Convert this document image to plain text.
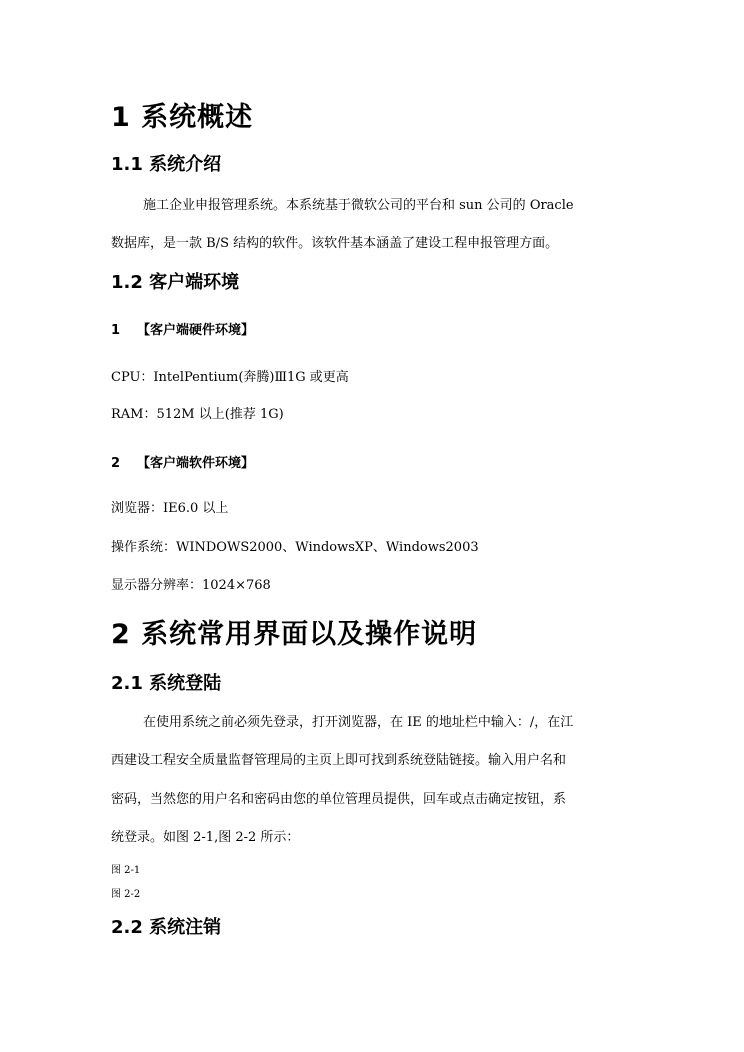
1 系统概述
1.1 系统介绍
施工企业申报管理系统。本系统基于微软公司的平台和 sun 公司的 Oracle
数据库，是一款 B/S 结构的软件。该软件基本涵盖了建设工程申报管理方面。
1.2 客户端环境
1 【客户端硬件环境】
CPU：IntelPentium(奔腾)Ⅲ1G 或更高
RAM：512M 以上(推荐 1G)
2 【客户端软件环境】
浏览器：IE6.0 以上
操作系统：WINDOWS2000、WindowsXP、Windows2003
显示器分辨率：1024×768
2 系统常用界面以及操作说明
2.1 系统登陆
在使用系统之前必须先登录，打开浏览器，在 IE 的地址栏中输入：/，在江
西建设工程安全质量监督管理局的主页上即可找到系统登陆链接。输入用户名和
密码，当然您的用户名和密码由您的单位管理员提供，回车或点击确定按钮，系
统登录。如图 2-1,图 2-2 所示：
图 2-1
图 2-2
2.2 系统注销
